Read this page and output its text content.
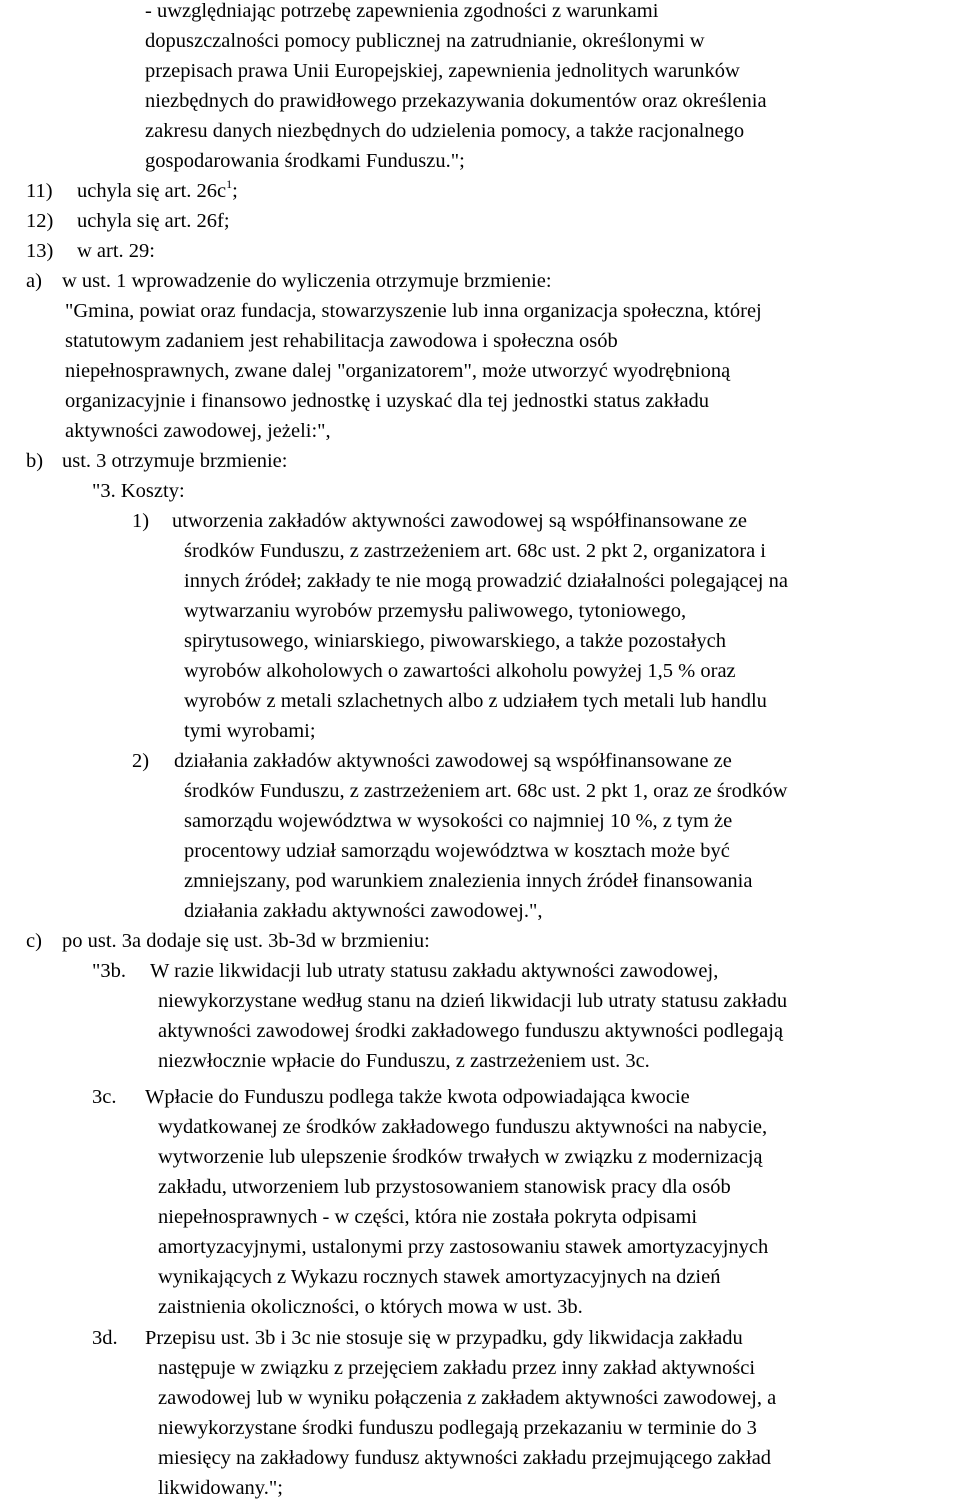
- uwzględniając potrzebę zapewnienia zgodności z warunkami
dopuszczalności pomocy publicznej na zatrudnianie, określonymi w
przepisach prawa Unii Europejskiej, zapewnienia jednolitych warunków
niezbędnych do prawidłowego przekazywania dokumentów oraz określenia
zakresu danych niezbędnych do udzielenia pomocy, a także racjonalnego
gospodarowania środkami Funduszu.";
11) uchyla się art. $26c^1$;
12) uchyla się art. 26f;
13) w art. 29:
a) w ust. 1 wprowadzenie do wyliczenia otrzymuje brzmienie:
"Gmina, powiat oraz fundacja, stowarzyszenie lub inna organizacja społeczna, której
statutowym zadaniem jest rehabilitacja zawodowa i społeczna osób
niepełnosprawnych, zwane dalej "organizatorem", może utworzyć wyodrębnioną
organizacyjnie i finansowo jednostkę i uzyskać dla tej jednostki status zakładu
aktywności zawodowej, jeżeli:",
b) ust. 3 otrzymuje brzmienie:
"3. Koszty:
1) utworzenia zakładów aktywności zawodowej są współfinansowane ze
środków Funduszu, z zastrzeżeniem art. 68c ust. 2 pkt 2, organizatora i
innych źródeł; zakłady te nie mogą prowadzić działalności polegającej na
wytwarzaniu wyrobów przemysłu paliwowego, tytoniowego,
spirytusowego, winiarskiego, piwowarskiego, a także pozostałych
wyrobów alkoholowych o zawartości alkoholu powyżej 1,5 % oraz
wyrobów z metali szlachetnych albo z udziałem tych metali lub handlu
tymi wyrobami;
2) działania zakładów aktywności zawodowej są współfinansowane ze
środków Funduszu, z zastrzeżeniem art. 68c ust. 2 pkt 1, oraz ze środków
samorządu województwa w wysokości co najmniej 10 %, z tym że
procentowy udział samorządu województwa w kosztach może być
zmniejszany, pod warunkiem znalezienia innych źródeł finansowania
działania zakładu aktywności zawodowej.",
c) po ust. 3a dodaje się ust. 3b-3d w brzmieniu:
"3b. W razie likwidacji lub utraty statusu zakładu aktywności zawodowej,
niewykorzystane według stanu na dzień likwidacji lub utraty statusu zakładu
aktywności zawodowej środki zakładowego funduszu aktywności podlegają
niezwłocznie wpłacie do Funduszu, z zastrzeżeniem ust. 3c.
3c. Wpłacie do Funduszu podlega także kwota odpowiadająca kwocie
wydatkowanej ze środków zakładowego funduszu aktywności na nabycie,
wytworzenie lub ulepszenie środków trwałych w związku z modernizacją
zakładu, utworzeniem lub przystosowaniem stanowisk pracy dla osób
niepełnosprawnych - w części, która nie została pokryta odpisami
amortyzacyjnymi, ustalonymi przy zastosowaniu stawek amortyzacyjnych
wynikających z Wykazu rocznych stawek amortyzacyjnych na dzień
zaistnienia okoliczności, o których mowa w ust. 3b.
3d. Przepisu ust. 3b i 3c nie stosuje się w przypadku, gdy likwidacja zakładu
następuje w związku z przejęciem zakładu przez inny zakład aktywności
zawodowej lub w wyniku połączenia z zakładem aktywności zawodowej, a
niewykorzystane środki funduszu podlegają przekazaniu w terminie do 3
miesięcy na zakładowy fundusz aktywności zakładu przejmującego zakład
likwidowany.";
